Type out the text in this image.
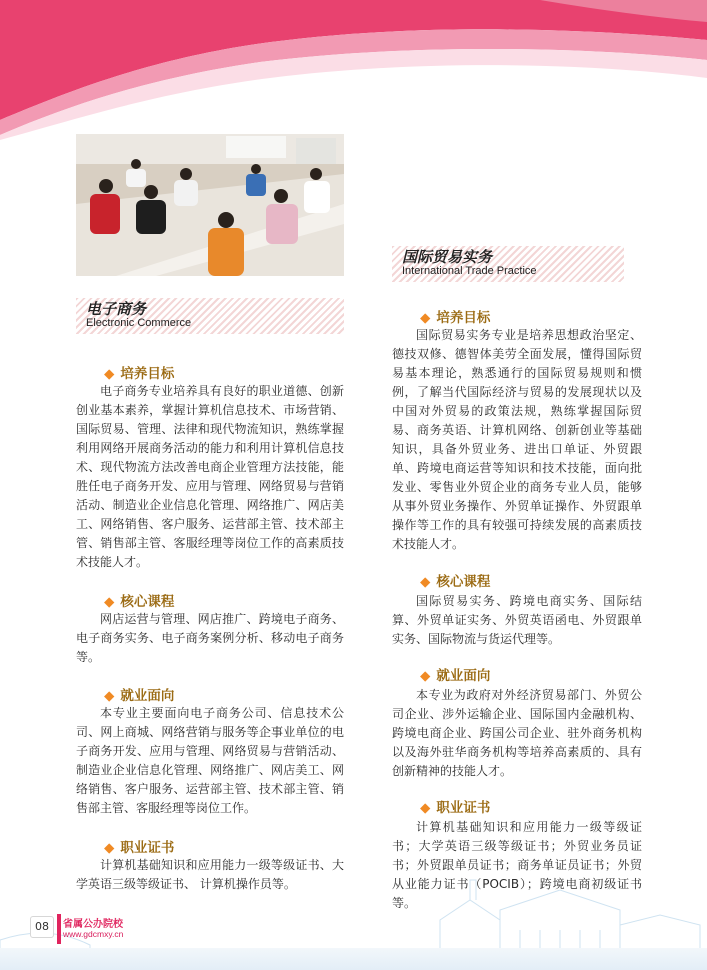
电子商务
Electronic Commerce
◆ 培养目标
电子商务专业培养具有良好的职业道德、创新创业基本素养，掌握计算机信息技术、市场营销、国际贸易、管理、法律和现代物流知识，熟练掌握利用网络开展商务活动的能力和利用计算机信息技术、现代物流方法改善电商企业管理方法技能，能胜任电子商务开发、应用与管理、网络贸易与营销活动、制造业企业信息化管理、网络推广、网店美工、网络销售、客户服务、运营部主管、技术部主管、销售部主管、客服经理等岗位工作的高素质技术技能人才。
◆ 核心课程
网店运营与管理、网店推广、跨境电子商务、电子商务实务、电子商务案例分析、移动电子商务等。
◆ 就业面向
本专业主要面向电子商务公司、信息技术公司、网上商城、网络营销与服务等企事业单位的电子商务开发、应用与管理、网络贸易与营销活动、制造业企业信息化管理、网络推广、网店美工、网络销售、客户服务、运营部主管、技术部主管、销售部主管、客服经理等岗位工作。
◆ 职业证书
计算机基础知识和应用能力一级等级证书、大学英语三级等级证书、 计算机操作员等。
国际贸易实务
International Trade Practice
◆ 培养目标
国际贸易实务专业是培养思想政治坚定、德技双修、德智体美劳全面发展，懂得国际贸易基本理论，熟悉通行的国际贸易规则和惯例，了解当代国际经济与贸易的发展现状以及中国对外贸易的政策法规，熟练掌握国际贸易、商务英语、计算机网络、创新创业等基础知识，具备外贸业务、进出口单证、外贸跟单、跨境电商运营等知识和技术技能，面向批发业、零售业外贸企业的商务专业人员，能够从事外贸业务操作、外贸单证操作、外贸跟单操作等工作的具有较强可持续发展的高素质技术技能人才。
◆ 核心课程
国际贸易实务、跨境电商实务、国际结算、外贸单证实务、外贸英语函电、外贸跟单实务、国际物流与货运代理等。
◆ 就业面向
本专业为政府对外经济贸易部门、外贸公司企业、涉外运输企业、国际国内金融机构、跨境电商企业、跨国公司企业、驻外商务机构以及海外驻华商务机构等培养高素质的、具有创新精神的技能人才。
◆ 职业证书
计算机基础知识和应用能力一级等级证书；大学英语三级等级证书；外贸业务员证书；外贸跟单员证书；商务单证员证书；外贸从业能力证书（POCIB）；跨境电商初级证书等。
08	省属公办院校
www.gdcmxy.cn
